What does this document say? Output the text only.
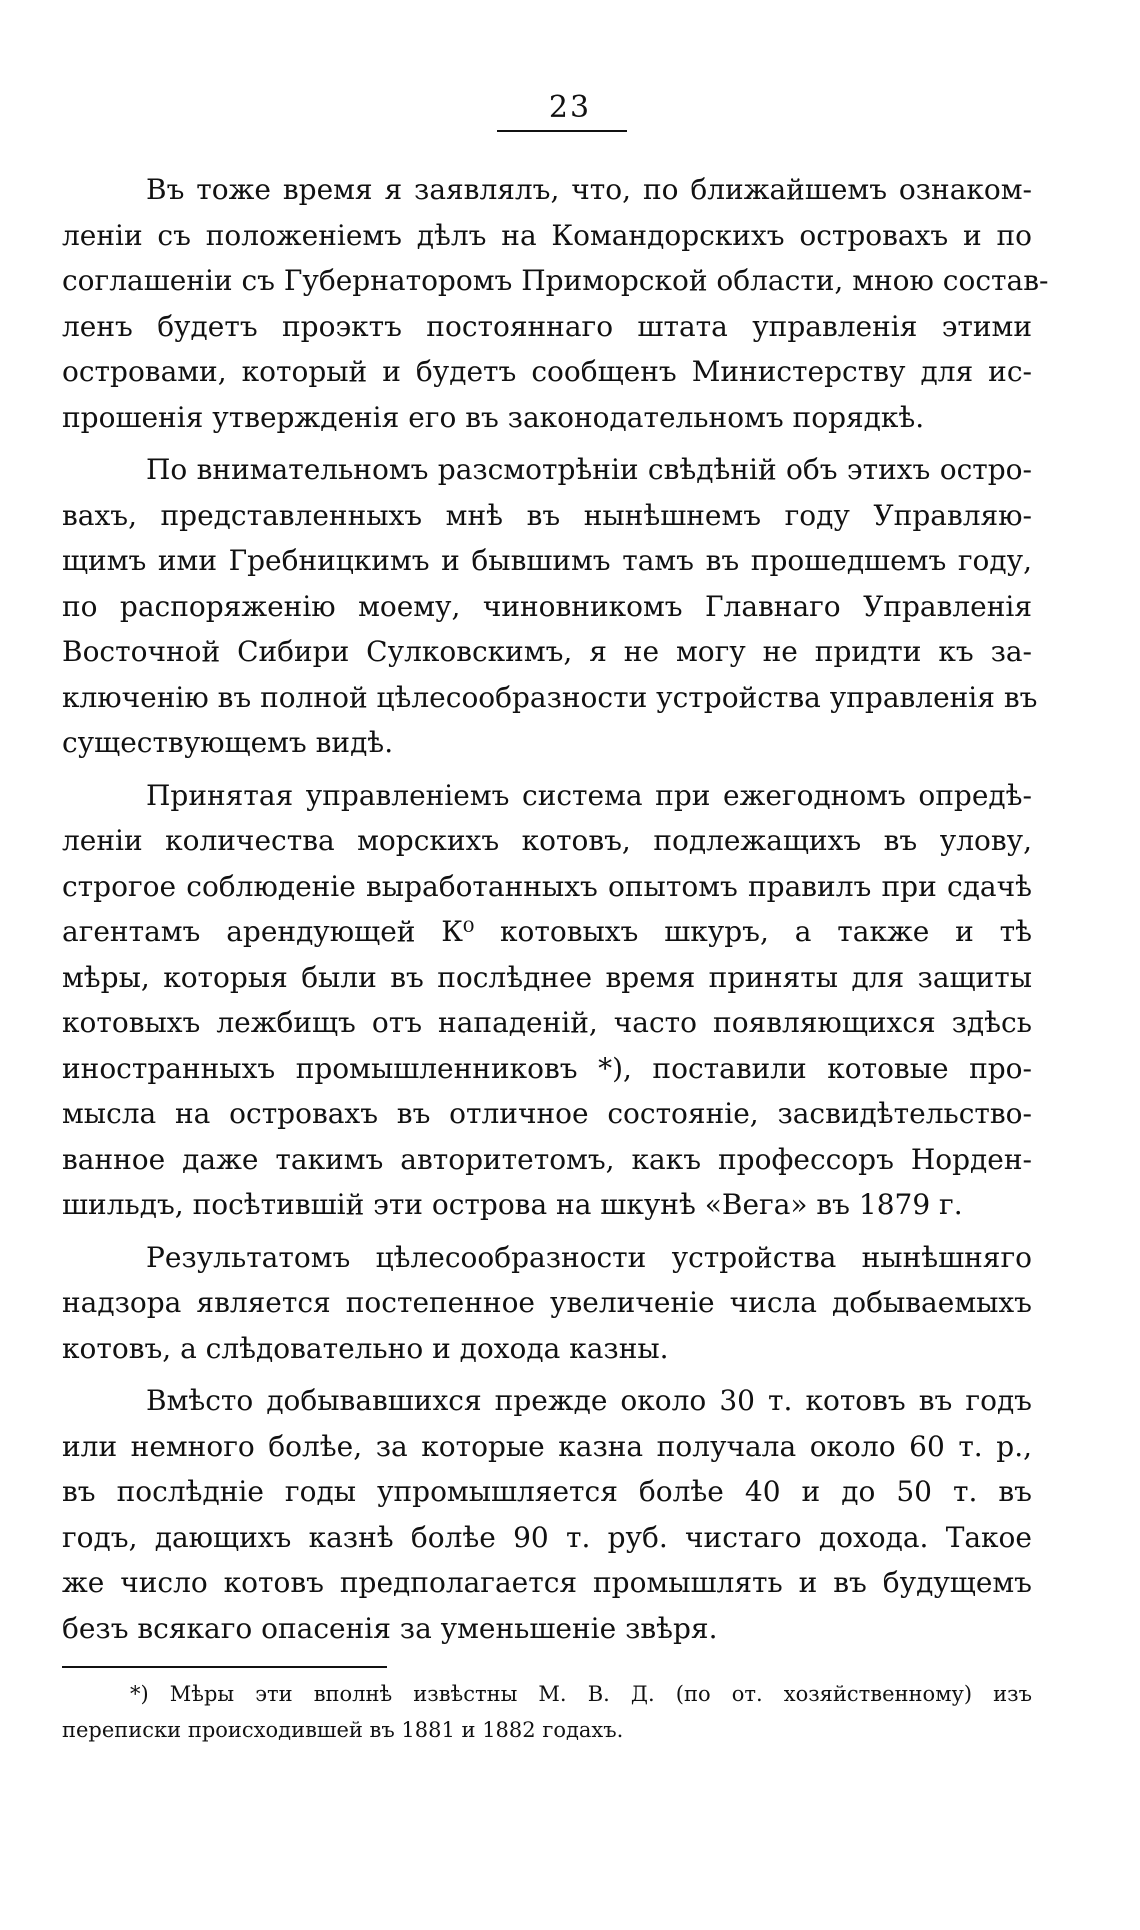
23
Въ тоже время я заявлялъ, что, по ближайшемъ ознаком-
леніи съ положеніемъ дѣлъ на Командорскихъ островахъ и по
соглашеніи съ Губернаторомъ Приморской области, мною состав-
ленъ будетъ проэктъ постояннаго штата управленія этими
островами, который и будетъ сообщенъ Министерству для ис-
прошенія утвержденія его въ законодательномъ порядкѣ.
По внимательномъ разсмотрѣніи свѣдѣній объ этихъ остро-
вахъ, представленныхъ мнѣ въ нынѣшнемъ году Управляю-
щимъ ими Гребницкимъ и бывшимъ тамъ въ прошедшемъ году,
по распоряженію моему, чиновникомъ Главнаго Управленія
Восточной Сибири Сулковскимъ, я не могу не придти къ за-
ключенію въ полной цѣлесообразности устройства управленія въ
существующемъ видѣ.
Принятая управленіемъ система при ежегодномъ опредѣ-
леніи количества морскихъ котовъ, подлежащихъ въ улову,
строгое соблюденіе выработанныхъ опытомъ правилъ при сдачѣ
агентамъ арендующей К⁰ котовыхъ шкуръ, а также и тѣ
мѣры, которыя были въ послѣднее время приняты для защиты
котовыхъ лежбищъ отъ нападеній, часто появляющихся здѣсь
иностранныхъ промышленниковъ *), поставили котовые про-
мысла на островахъ въ отличное состояніе, засвидѣтельство-
ванное даже такимъ авторитетомъ, какъ профессоръ Норден-
шильдъ, посѣтившій эти острова на шкунѣ «Вега» въ 1879 г.
Результатомъ цѣлесообразности устройства нынѣшняго
надзора является постепенное увеличеніе числа добываемыхъ
котовъ, а слѣдовательно и дохода казны.
Вмѣсто добывавшихся прежде около 30 т. котовъ въ годъ
или немного болѣе, за которые казна получала около 60 т. р.,
въ послѣдніе годы упромышляется болѣе 40 и до 50 т. въ
годъ, дающихъ казнѣ болѣе 90 т. руб. чистаго дохода. Такое
же число котовъ предполагается промышлять и въ будущемъ
безъ всякаго опасенія за уменьшеніе звѣря.
*) Мѣры эти вполнѣ извѣстны М. В. Д. (по от. хозяйственному) изъ
переписки происходившей въ 1881 и 1882 годахъ.
